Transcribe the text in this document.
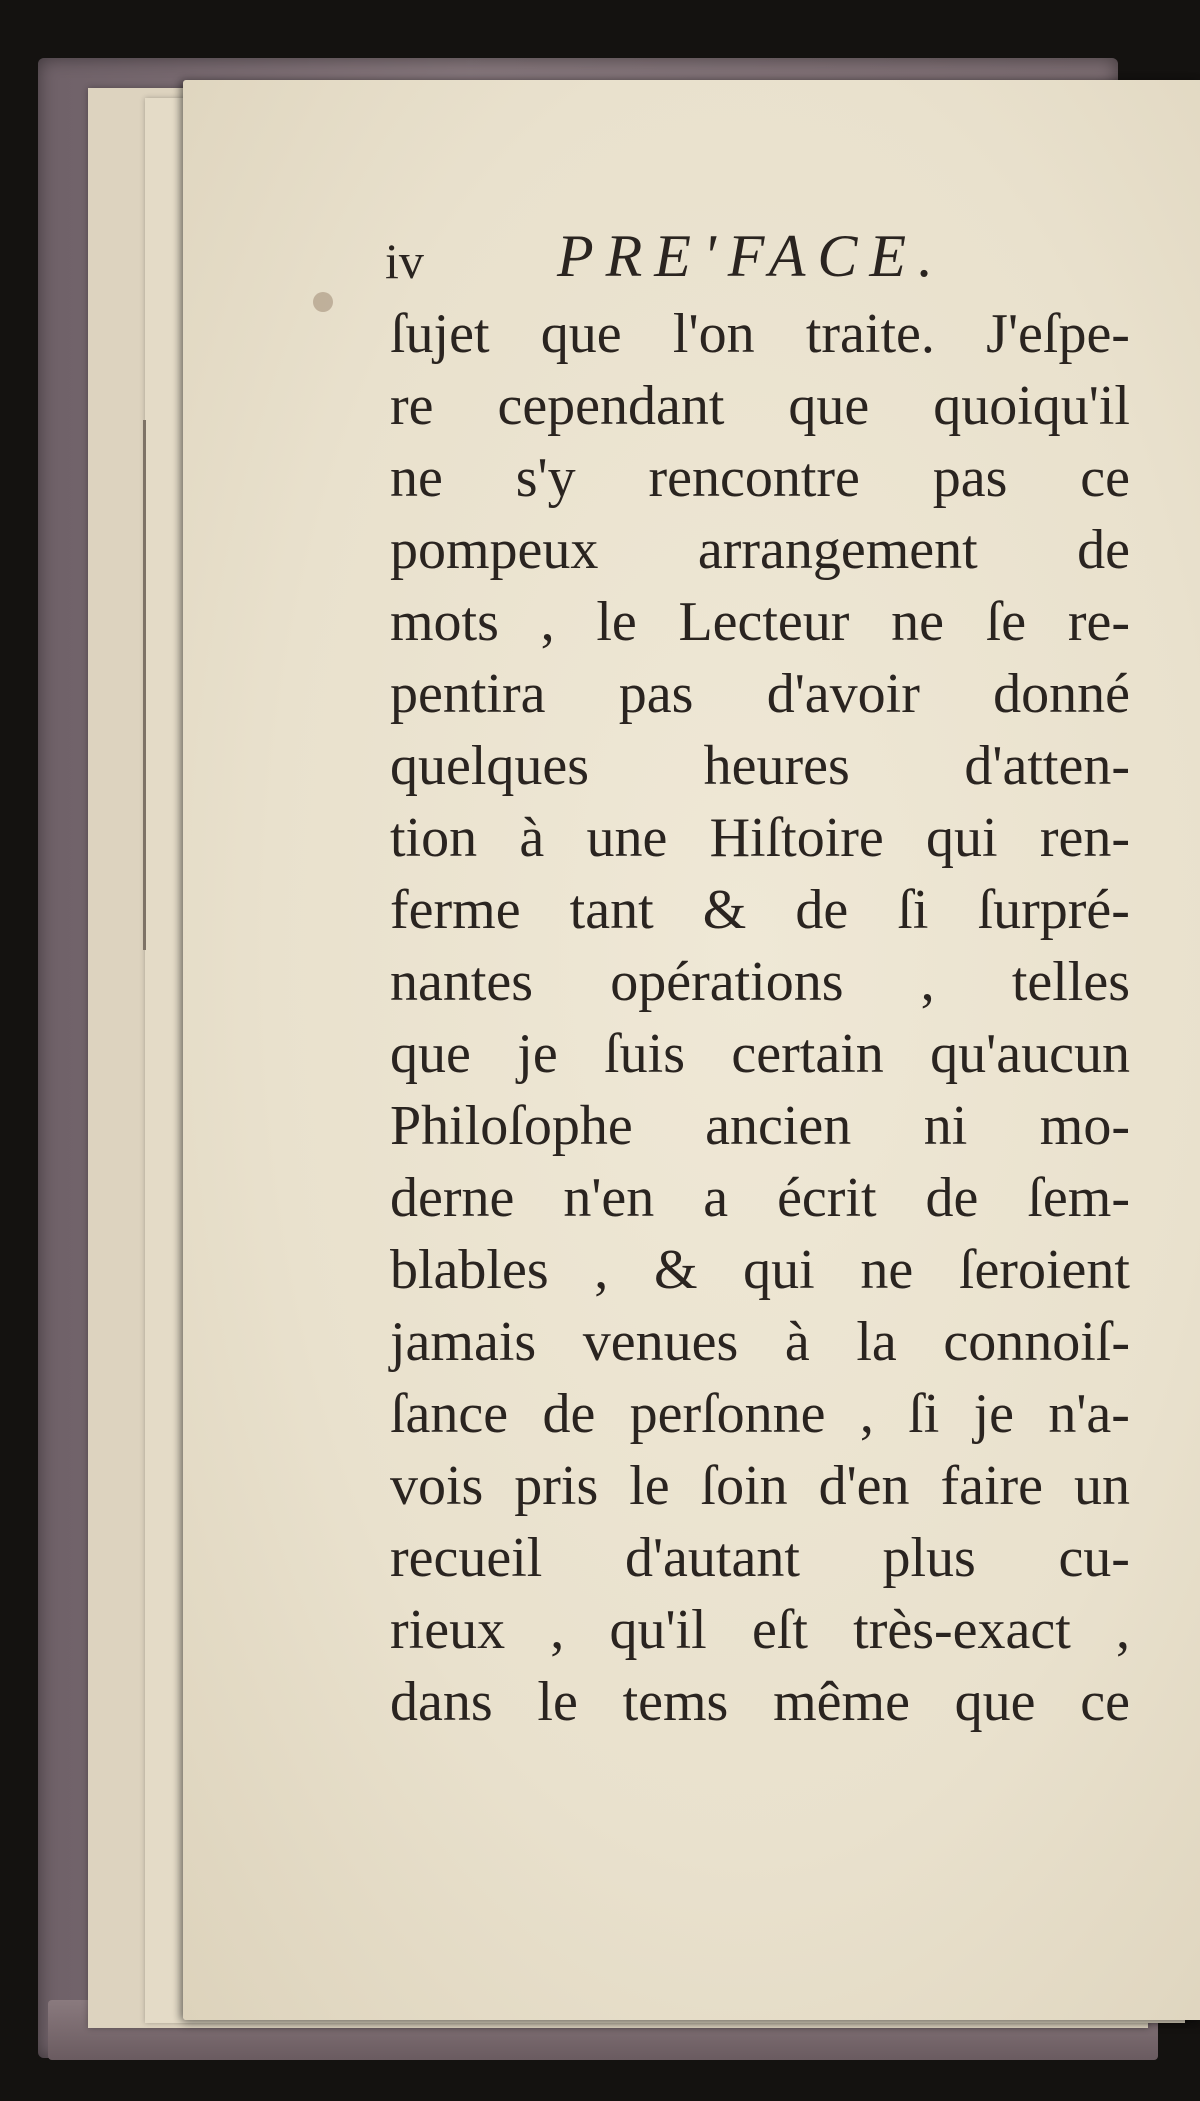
iv PRE'FACE.
ſujet que l'on traite. J'eſpe-
re cependant que quoiqu'il
ne s'y rencontre pas ce
pompeux arrangement de
mots , le Lecteur ne ſe re-
pentira pas d'avoir donné
quelques heures d'atten-
tion à une Hiſtoire qui ren-
ferme tant & de ſi ſurpré-
nantes opérations , telles
que je ſuis certain qu'aucun
Philoſophe ancien ni mo-
derne n'en a écrit de ſem-
blables , & qui ne ſeroient
jamais venues à la connoiſ-
ſance de perſonne , ſi je n'a-
vois pris le ſoin d'en faire un
recueil d'autant plus cu-
rieux , qu'il eſt très-exact ,
dans le tems même que ce
